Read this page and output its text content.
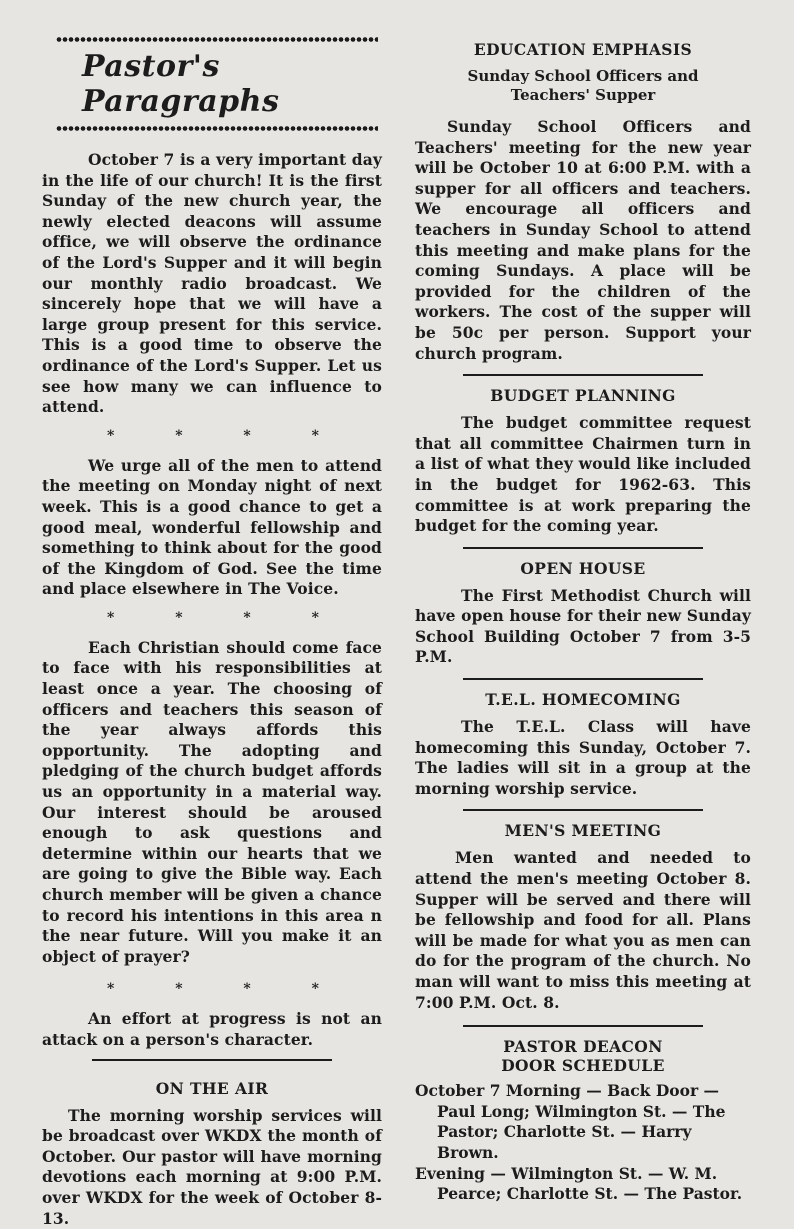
Pastor's Paragraphs

October 7 is a very important day in the life of our church! It is the first Sunday of the new church year, the newly elected deacons will assume office, we will observe the ordinance of the Lord's Supper and it will begin our monthly radio broadcast. We sincerely hope that we will have a large group present for this service. This is a good time to observe the ordinance of the Lord's Supper. Let us see how many we can influence to attend.

* * * *

We urge all of the men to attend the meeting on Monday night of next week. This is a good chance to get a good meal, wonderful fellowship and something to think about for the good of the Kingdom of God. See the time and place elsewhere in The Voice.

* * * *

Each Christian should come face to face with his responsibilities at least once a year. The choosing of officers and teachers this season of the year always affords this opportunity. The adopting and pledging of the church budget affords us an opportunity in a material way. Our interest should be aroused enough to ask questions and determine within our hearts that we are going to give the Bible way. Each church member will be given a chance to record his intentions in this area n the near future. Will you make it an object of prayer?

* * * *

An effort at progress is not an attack on a person's character.

ON THE AIR

The morning worship services will be broadcast over WKDX the month of October. Our pastor will have morning devotions each morning at 9:00 P.M. over WKDX for the week of October 8-13.

EDUCATION EMPHASIS
Sunday School Officers and Teachers' Supper

Sunday School Officers and Teachers' meeting for the new year will be October 10 at 6:00 P.M. with a supper for all officers and teachers. We encourage all officers and teachers in Sunday School to attend this meeting and make plans for the coming Sundays. A place will be provided for the children of the workers. The cost of the supper will be 50c per person. Support your church program.

BUDGET PLANNING

The budget committee request that all committee Chairmen turn in a list of what they would like included in the budget for 1962-63. This committee is at work preparing the budget for the coming year.

OPEN HOUSE

The First Methodist Church will have open house for their new Sunday School Building October 7 from 3-5 P.M.

T.E.L. HOMECOMING

The T.E.L. Class will have homecoming this Sunday, October 7. The ladies will sit in a group at the morning worship service.

MEN'S MEETING

Men wanted and needed to attend the men's meeting October 8. Supper will be served and there will be fellowship and food for all. Plans will be made for what you as men can do for the program of the church. No man will want to miss this meeting at 7:00 P.M. Oct. 8.

PASTOR DEACON
DOOR SCHEDULE

October 7 Morning — Back Door — Paul Long; Wilmington St. — The Pastor; Charlotte St. — Harry Brown.

Evening — Wilmington St. — W. M. Pearce; Charlotte St. — The Pastor.
